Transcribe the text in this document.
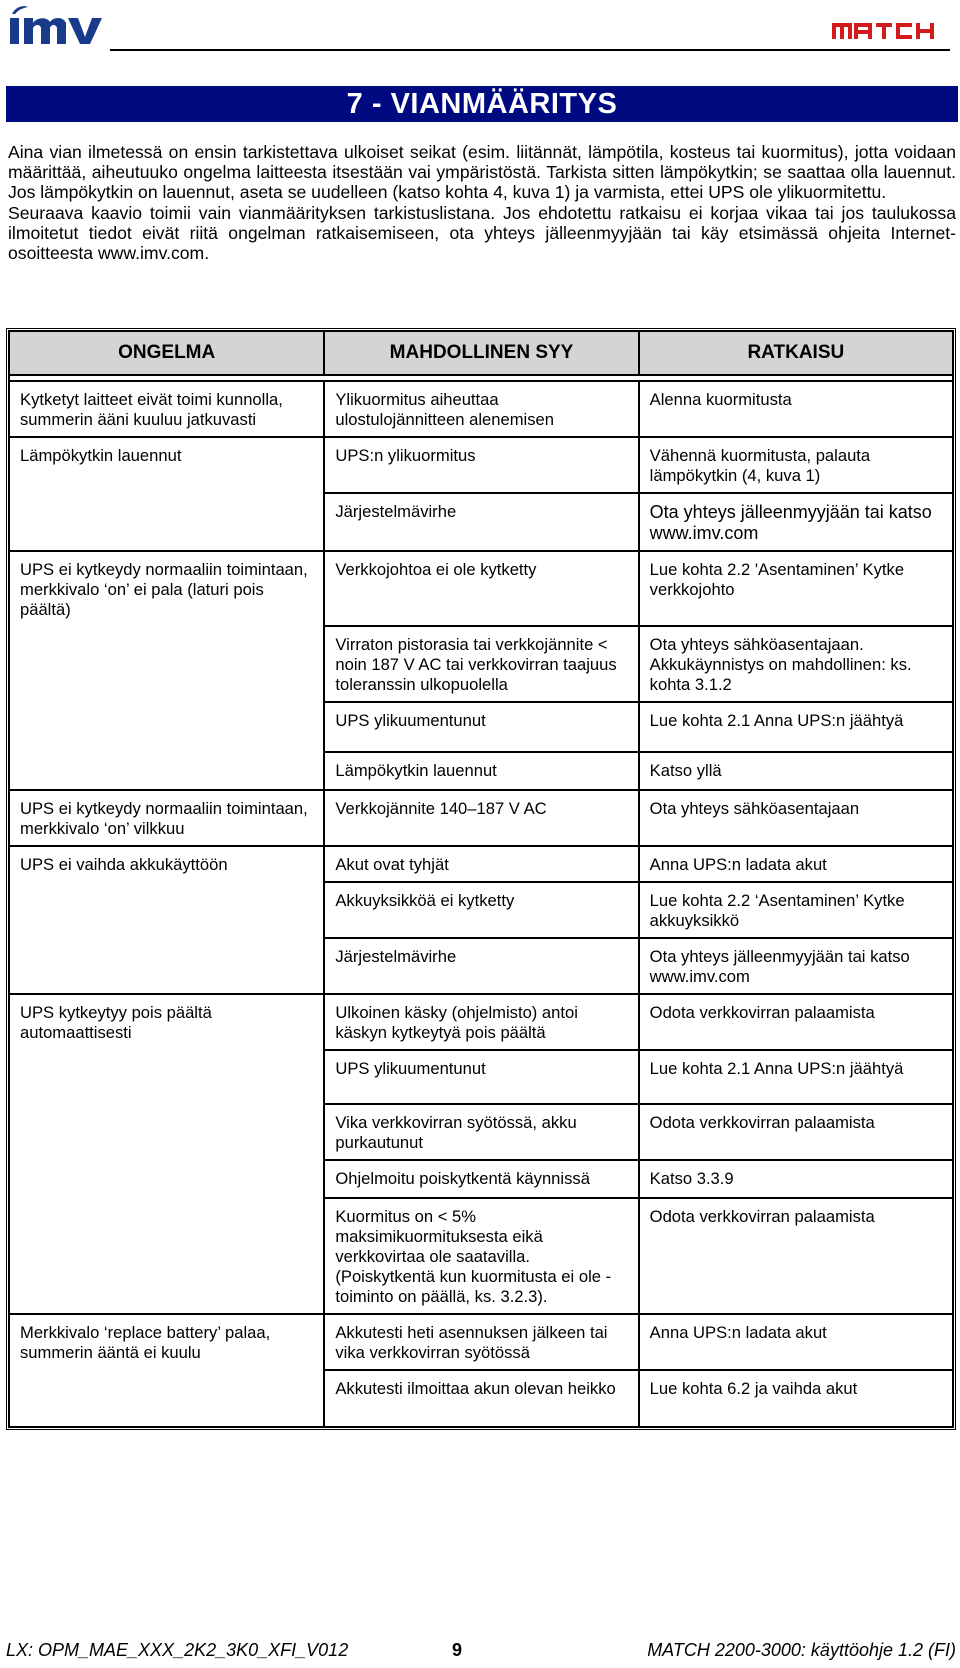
7 - VIANMÄÄRITYS

Aina vian ilmetessä on ensin tarkistettava ulkoiset seikat (esim. liitännät, lämpötila, kosteus tai kuormitus), jotta voidaan määrittää, aiheutuuko ongelma laitteesta itsestään vai ympäristöstä. Tarkista sitten lämpökytkin; se saattaa olla lauennut. Jos lämpökytkin on lauennut, aseta se uudelleen (katso kohta 4, kuva 1) ja varmista, ettei UPS ole ylikuormitettu.

Seuraava kaavio toimii vain vianmäärityksen tarkistuslistana. Jos ehdotettu ratkaisu ei korjaa vikaa tai jos taulukossa ilmoitetut tiedot eivät riitä ongelman ratkaisemiseen, ota yhteys jälleenmyyjään tai käy etsimässä ohjeita Internet-osoitteesta www.imv.com.

ONGELMA	MAHDOLLINEN SYY	RATKAISU

Kytketyt laitteet eivät toimi kunnolla, summerin ääni kuuluu jatkuvasti	Ylikuormitus aiheuttaa ulostulojännitteen alenemisen	Alenna kuormitusta
Lämpökytkin lauennut	UPS:n ylikuormitus	Vähennä kuormitusta, palauta lämpökytkin (4, kuva 1)
	Järjestelmävirhe	Ota yhteys jälleenmyyjään tai katso www.imv.com
UPS ei kytkeydy normaaliin toimintaan, merkkivalo ‘on’ ei pala (laturi pois päältä)	Verkkojohtoa ei ole kytketty	Lue kohta 2.2 'Asentaminen’ Kytke verkkojohto
	Virraton pistorasia tai verkkojännite < noin 187 V AC tai verkkovirran taajuus toleranssin ulkopuolella	Ota yhteys sähköasentajaan. Akkukäynnistys on mahdollinen: ks. kohta 3.1.2
	UPS ylikuumentunut	Lue kohta 2.1 Anna UPS:n jäähtyä
	Lämpökytkin lauennut	Katso yllä
UPS ei kytkeydy normaaliin toimintaan, merkkivalo ‘on’ vilkkuu	Verkkojännite 140–187 V AC	Ota yhteys sähköasentajaan
UPS ei vaihda akkukäyttöön	Akut ovat tyhjät	Anna UPS:n ladata akut
	Akkuyksikköä ei kytketty	Lue kohta 2.2 ‘Asentaminen’ Kytke akkuyksikkö
	Järjestelmävirhe	Ota yhteys jälleenmyyjään tai katso www.imv.com
UPS kytkeytyy pois päältä automaattisesti	Ulkoinen käsky (ohjelmisto) antoi käskyn kytkeytyä pois päältä	Odota verkkovirran palaamista
	UPS ylikuumentunut	Lue kohta 2.1 Anna UPS:n jäähtyä
	Vika verkkovirran syötössä, akku purkautunut	Odota verkkovirran palaamista
	Ohjelmoitu poiskytkentä käynnissä	Katso 3.3.9
	Kuormitus on < 5% maksimikuormituksesta eikä verkkovirtaa ole saatavilla. (Poiskytkentä kun kuormitusta ei ole -toiminto on päällä, ks. 3.2.3).	Odota verkkovirran palaamista
Merkkivalo ‘replace battery’ palaa, summerin ääntä ei kuulu	Akkutesti heti asennuksen jälkeen tai vika verkkovirran syötössä	Anna UPS:n ladata akut
	Akkutesti ilmoittaa akun olevan heikko	Lue kohta 6.2 ja vaihda akut
LX: OPM_MAE_XXX_2K2_3K0_XFI_V012	9	MATCH 2200-3000: käyttöohje 1.2 (FI)
